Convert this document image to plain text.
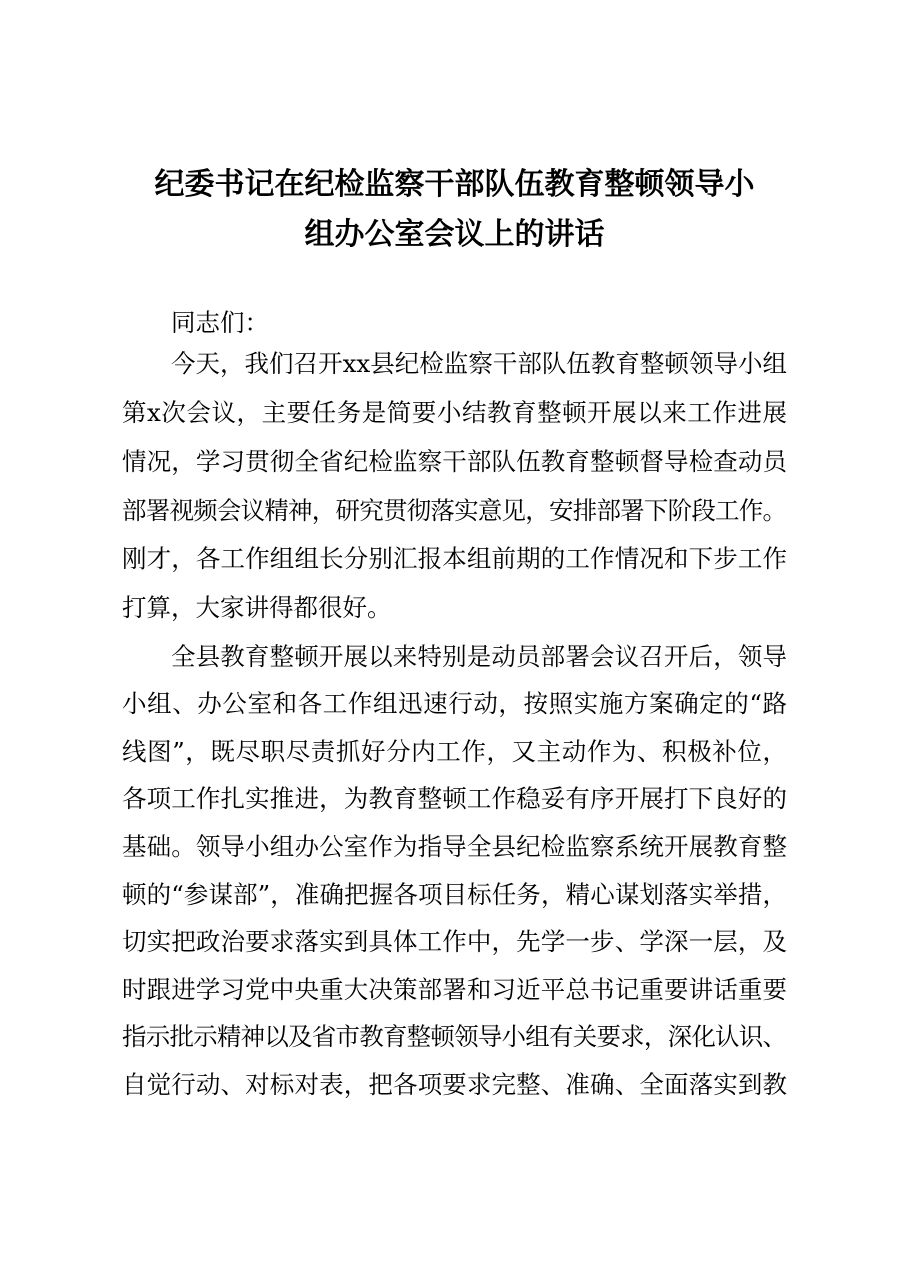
纪委书记在纪检监察干部队伍教育整顿领导小
组办公室会议上的讲话

同志们：

今天，我们召开xx县纪检监察干部队伍教育整顿领导小组

第x次会议，主要任务是简要小结教育整顿开展以来工作进展

情况，学习贯彻全省纪检监察干部队伍教育整顿督导检查动员

部署视频会议精神，研究贯彻落实意见，安排部署下阶段工作。

刚才，各工作组组长分别汇报本组前期的工作情况和下步工作

打算，大家讲得都很好。

全县教育整顿开展以来特别是动员部署会议召开后，领导

小组、办公室和各工作组迅速行动，按照实施方案确定的“路

线图”，既尽职尽责抓好分内工作，又主动作为、积极补位，

各项工作扎实推进，为教育整顿工作稳妥有序开展打下良好的

基础。领导小组办公室作为指导全县纪检监察系统开展教育整

顿的“参谋部”，准确把握各项目标任务，精心谋划落实举措，

切实把政治要求落实到具体工作中，先学一步、学深一层，及

时跟进学习党中央重大决策部署和习近平总书记重要讲话重要

指示批示精神以及省市教育整顿领导小组有关要求，深化认识、

自觉行动、对标对表，把各项要求完整、准确、全面落实到教
